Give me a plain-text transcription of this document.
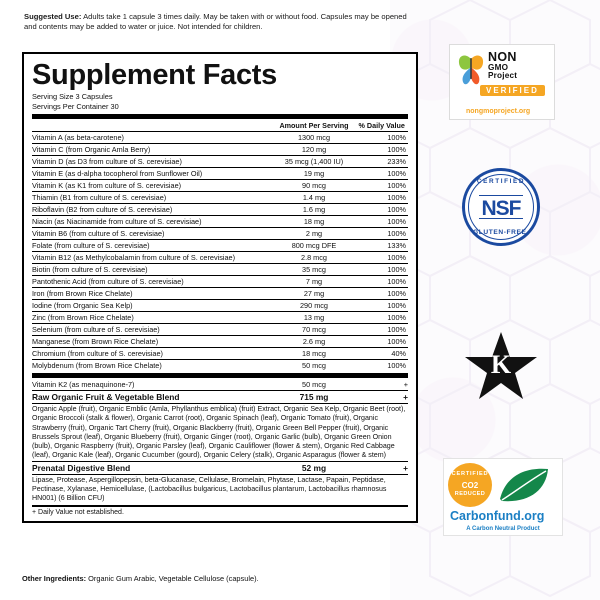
Suggested Use: Adults take 1 capsule 3 times daily. May be taken with or without food. Capsules may be opened and contents may be added to water or juice. Not intended for children.
Supplement Facts
Serving Size 3 Capsules
Servings Per Container 30
	Amount Per Serving	% Daily Value
Vitamin A (as beta-carotene)	1300 mcg	100%
Vitamin C (from Organic Amla Berry)	120 mg	100%
Vitamin D (as D3 from culture of S. cerevisiae)	35 mcg (1,400 IU)	233%
Vitamin E (as d-alpha tocopherol from Sunflower Oil)	19 mg	100%
Vitamin K (as K1 from culture of S. cerevisiae)	90 mcg	100%
Thiamin (B1 from culture of S. cerevisiae)	1.4 mg	100%
Riboflavin (B2 from culture of S. cerevisiae)	1.6 mg	100%
Niacin (as Niacinamide from culture of S. cerevisiae)	18 mg	100%
Vitamin B6 (from culture of S. cerevisiae)	2 mg	100%
Folate (from culture of S. cerevisiae)	800 mcg DFE	133%
Vitamin B12 (as Methylcobalamin from culture of S. cerevisiae)	2.8 mcg	100%
Biotin (from culture of S. cerevisiae)	35 mcg	100%
Pantothenic Acid (from culture of S. cerevisiae)	7 mg	100%
Iron (from Brown Rice Chelate)	27 mg	100%
Iodine (from Organic Sea Kelp)	290 mcg	100%
Zinc (from Brown Rice Chelate)	13 mg	100%
Selenium (from culture of S. cerevisiae)	70 mcg	100%
Manganese (from Brown Rice Chelate)	2.6 mg	100%
Chromium (from culture of S. cerevisiae)	18 mcg	40%
Molybdenum (from Brown Rice Chelate)	50 mcg	100%
Vitamin K2 (as menaquinone-7)	50 mcg	+
Raw Organic Fruit & Vegetable Blend	715 mg	+
Organic Apple (fruit), Organic Emblic (Amla, Phyllanthus emblica) (fruit) Extract, Organic Sea Kelp, Organic Beet (root), Organic Broccoli (stalk & flower), Organic Carrot (root), Organic Spinach (leaf), Organic Tomato (fruit), Organic Strawberry (fruit), Organic Tart Cherry (fruit), Organic Blackberry (fruit), Organic Green Bell Pepper (fruit), Organic Brussels Sprout (leaf), Organic Blueberry (fruit), Organic Ginger (root), Organic Garlic (bulb), Organic Green Onion (bulb), Organic Raspberry (fruit), Organic Parsley (leaf), Organic Cauliflower (flower & stem), Organic Red Cabbage (leaf), Organic Kale (leaf), Organic Cucumber (gourd), Organic Celery (stalk), Organic Asparagus (flower & stem)		
Prenatal Digestive Blend	52 mg	+
Lipase, Protease, Aspergillopepsin, beta-Glucanase, Cellulase, Bromelain, Phytase, Lactase, Papain, Peptidase, Pectinase, Xylanase, Hemicellulase, (Lactobacillus bulgaricus, Lactobacillus plantarum, Lactobacillus rhamnosus HN001) (6 Billion CFU)		
+ Daily Value not established.
Other Ingredients: Organic Gum Arabic, Vegetable Cellulose (capsule).
NON
GMO
Project
VERIFIED
nongmoproject.org
CERTIFIED
NSF
GLUTEN-FREE.
K
CERTIFIED
CO2
REDUCED
Carbonfund.org
A Carbon Neutral Product
